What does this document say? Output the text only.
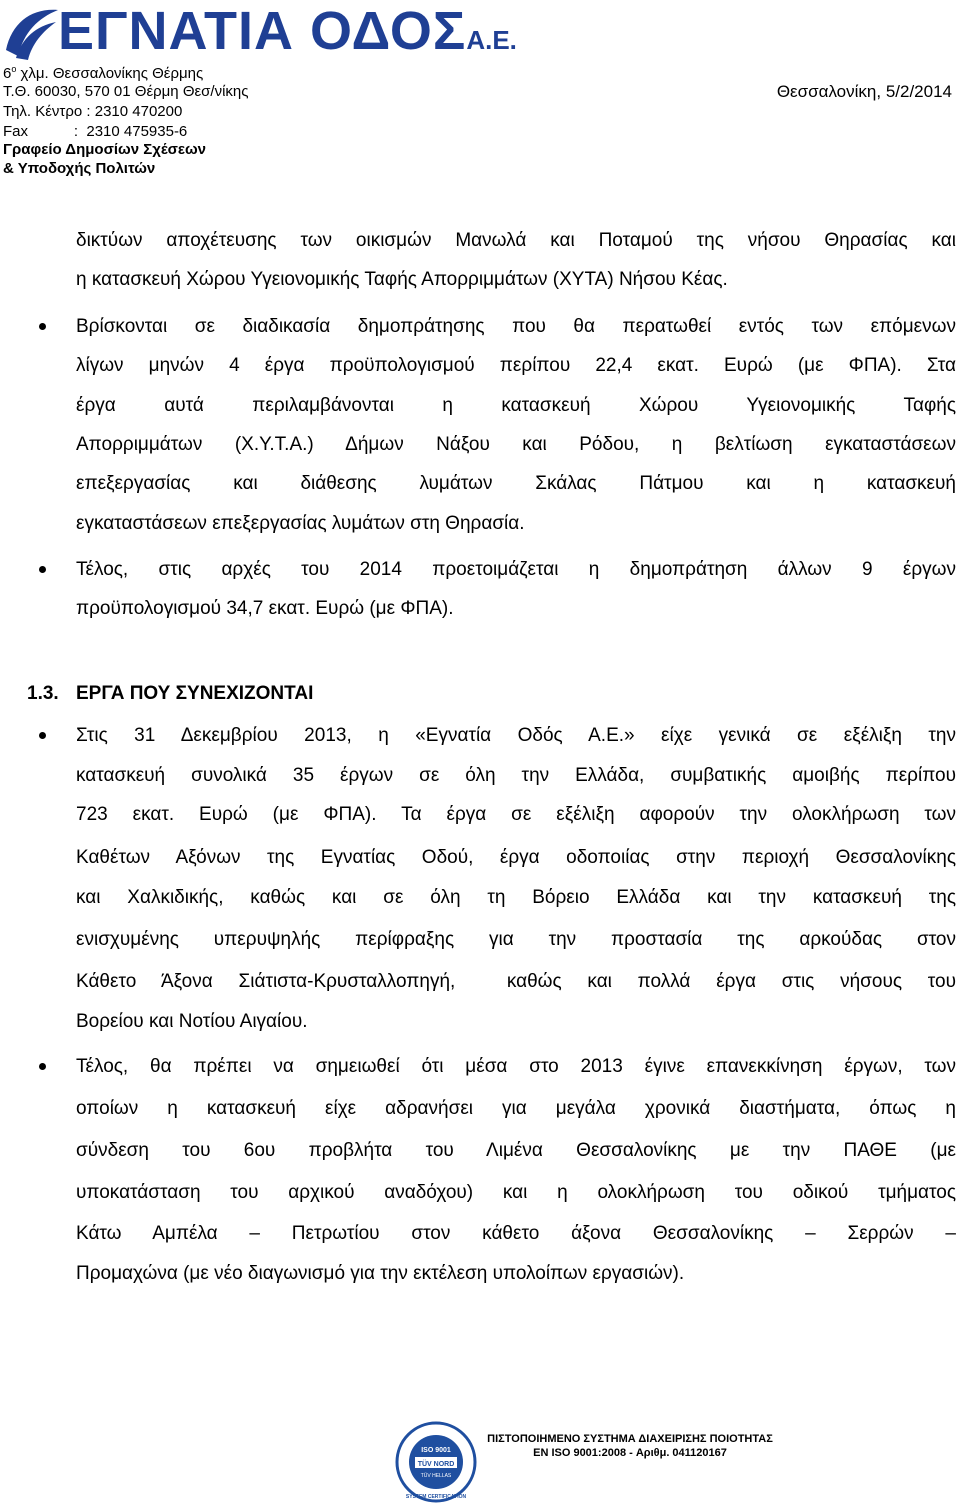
ΕΓΝΑΤΙΑ ΟΔΟΣΑ.Ε.
$6^o$ χλμ. Θεσσαλονίκης Θέρμης
Τ.Θ. 60030, 570 01 Θέρμη Θεσ/νίκης
Τηλ. Κέντρο : 2310 470200
Fax           :  2310 475935-6
Γραφείο Δημοσίων Σχέσεων
& Υποδοχής Πολιτών
Θεσσαλονίκη, 5/2/2014
δικτύων αποχέτευσης των οικισμών Μανωλά και Ποταμού της νήσου Θηρασίας και
η κατασκευή Χώρου Υγειονομικής Ταφής Απορριμμάτων (ΧΥΤΑ) Νήσου Κέας.
Βρίσκονται σε διαδικασία δημοπράτησης που θα περατωθεί εντός των επόμενων
λίγων μηνών 4 έργα προϋπολογισμού περίπου 22,4 εκατ. Ευρώ (με ΦΠΑ). Στα
έργα αυτά περιλαμβάνονται η κατασκευή Χώρου Υγειονομικής Ταφής
Απορριμμάτων (Χ.Υ.Τ.Α.) Δήμων Νάξου και Ρόδου, η βελτίωση εγκαταστάσεων
επεξεργασίας και διάθεσης λυμάτων Σκάλας Πάτμου και η κατασκευή
εγκαταστάσεων επεξεργασίας λυμάτων στη Θηρασία.
Τέλος, στις αρχές του 2014 προετοιμάζεται η δημοπράτηση άλλων 9 έργων
προϋπολογισμού 34,7 εκατ. Ευρώ (με ΦΠΑ).
1.3. ΕΡΓΑ ΠΟΥ ΣΥΝΕΧΙΖΟΝΤΑΙ
Στις 31 Δεκεμβρίου 2013, η «Εγνατία Οδός Α.Ε.» είχε γενικά σε εξέλιξη την
κατασκευή συνολικά 35 έργων σε όλη την Ελλάδα, συμβατικής αμοιβής περίπου
723 εκατ. Ευρώ (με ΦΠΑ). Τα έργα σε εξέλιξη αφορούν την ολοκλήρωση των
Καθέτων Αξόνων της Εγνατίας Οδού, έργα οδοποιίας στην περιοχή Θεσσαλονίκης
και Χαλκιδικής, καθώς και σε όλη τη Βόρειο Ελλάδα και την κατασκευή της
ενισχυμένης υπερυψηλής περίφραξης για την προστασία της αρκούδας στον
Κάθετο Άξονα Σιάτιστα-Κρυσταλλοπηγή,  καθώς και πολλά έργα στις νήσους του
Βορείου και Νοτίου Αιγαίου.
Τέλος, θα πρέπει να σημειωθεί ότι μέσα στο 2013 έγινε επανεκκίνηση έργων, των
οποίων η κατασκευή είχε αδρανήσει για μεγάλα χρονικά διαστήματα, όπως η
σύνδεση του 6ου προβλήτα του Λιμένα Θεσσαλονίκης με την ΠΑΘΕ (με
υποκατάσταση του αρχικού αναδόχου) και η ολοκλήρωση του οδικού τμήματος
Κάτω Αμπέλα – Πετρωτίου στον κάθετο άξονα Θεσσαλονίκης – Σερρών –
Προμαχώνα (με νέο διαγωνισμό για την εκτέλεση υπολοίπων εργασιών).
ISO 9001
TÜV NORD
TÜV HELLAS
SYSTEM CERTIFICATION
ΠΙΣΤΟΠΟΙΗΜΕΝΟ ΣΥΣΤΗΜΑ ΔΙΑΧΕΙΡΙΣΗΣ ΠΟΙΟΤΗΤΑΣ
EN ISO 9001:2008 - Αριθμ. 041120167
